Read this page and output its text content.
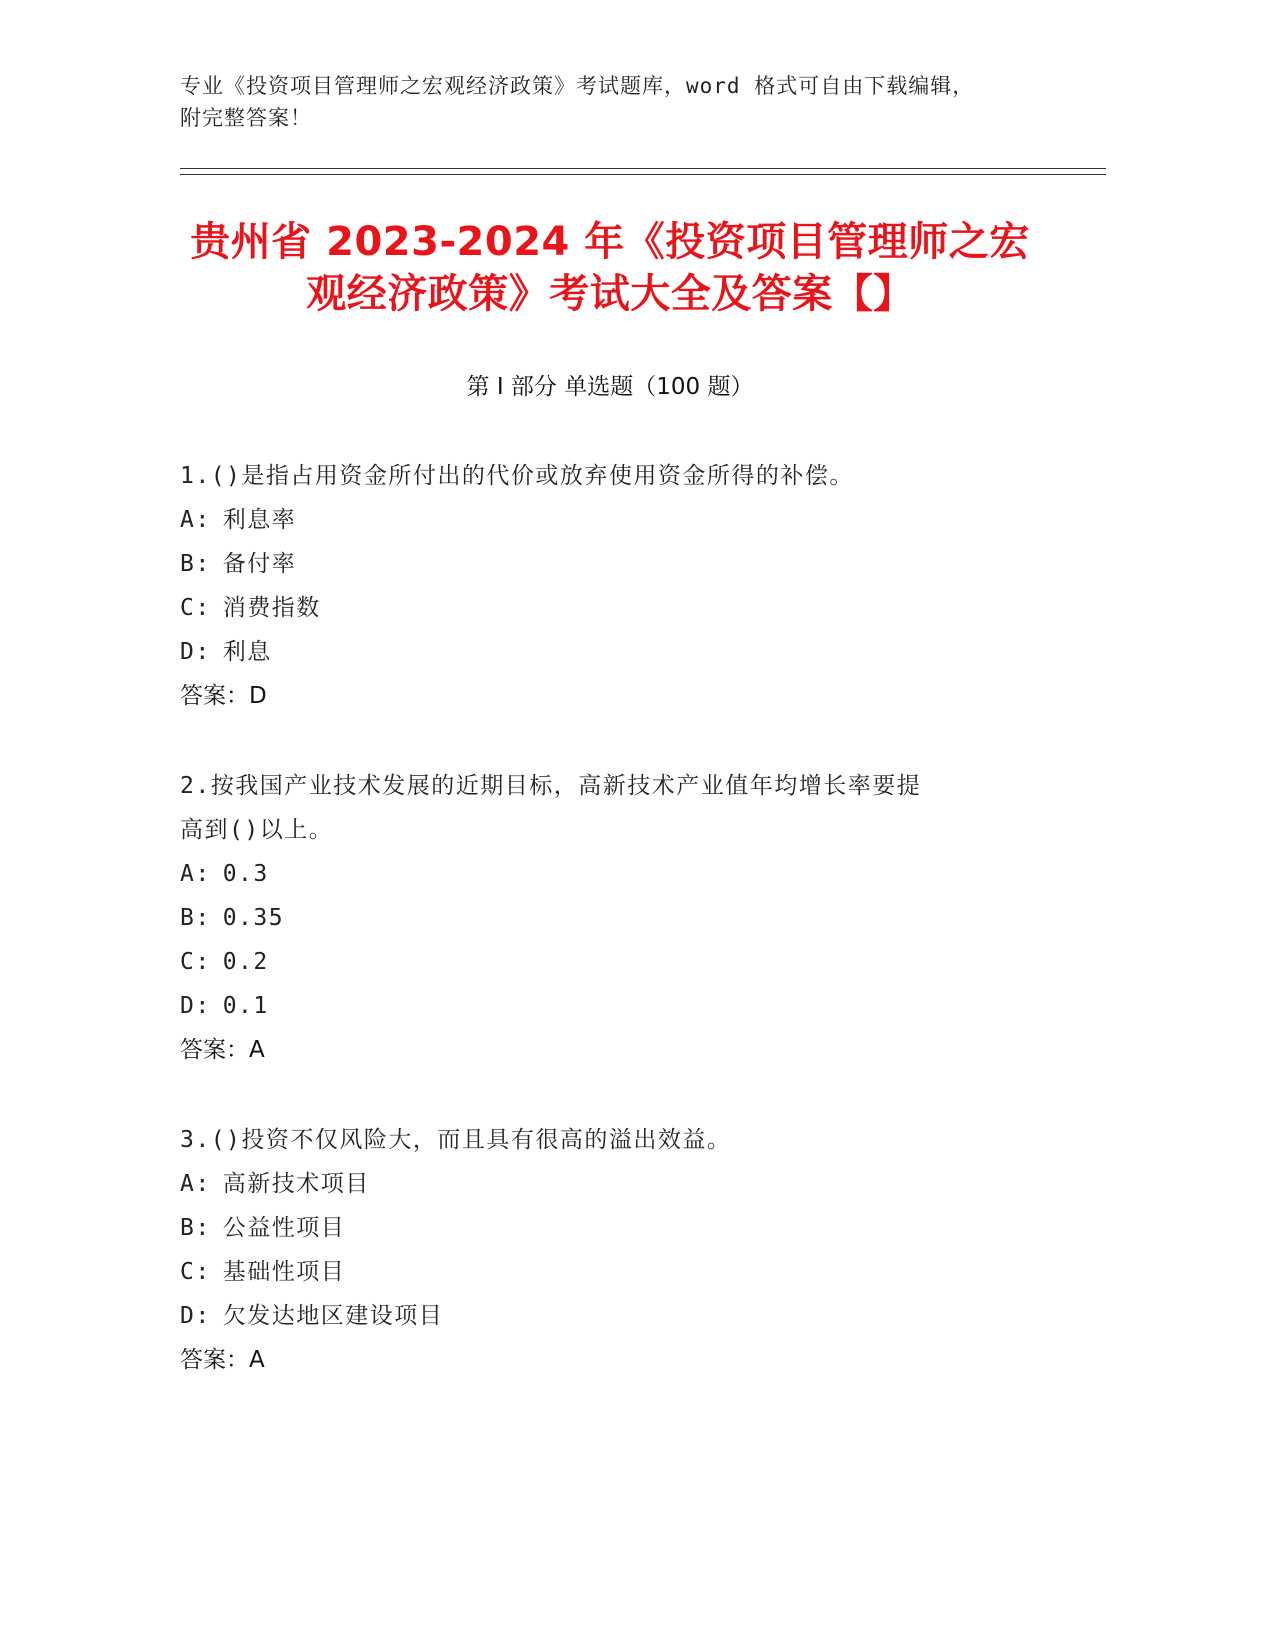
专业《投资项目管理师之宏观经济政策》考试题库，word 格式可自由下载编辑，
附完整答案！
贵州省 2023-2024 年《投资项目管理师之宏
观经济政策》考试大全及答案【】
第 I 部分 单选题（100 题）
1.()是指占用资金所付出的代价或放弃使用资金所得的补偿。
A: 利息率
B: 备付率
C: 消费指数
D: 利息
答案：D
2.按我国产业技术发展的近期目标，高新技术产业值年均增长率要提
高到()以上。
A: 0.3
B: 0.35
C: 0.2
D: 0.1
答案：A
3.()投资不仅风险大，而且具有很高的溢出效益。
A: 高新技术项目
B: 公益性项目
C: 基础性项目
D: 欠发达地区建设项目
答案：A
